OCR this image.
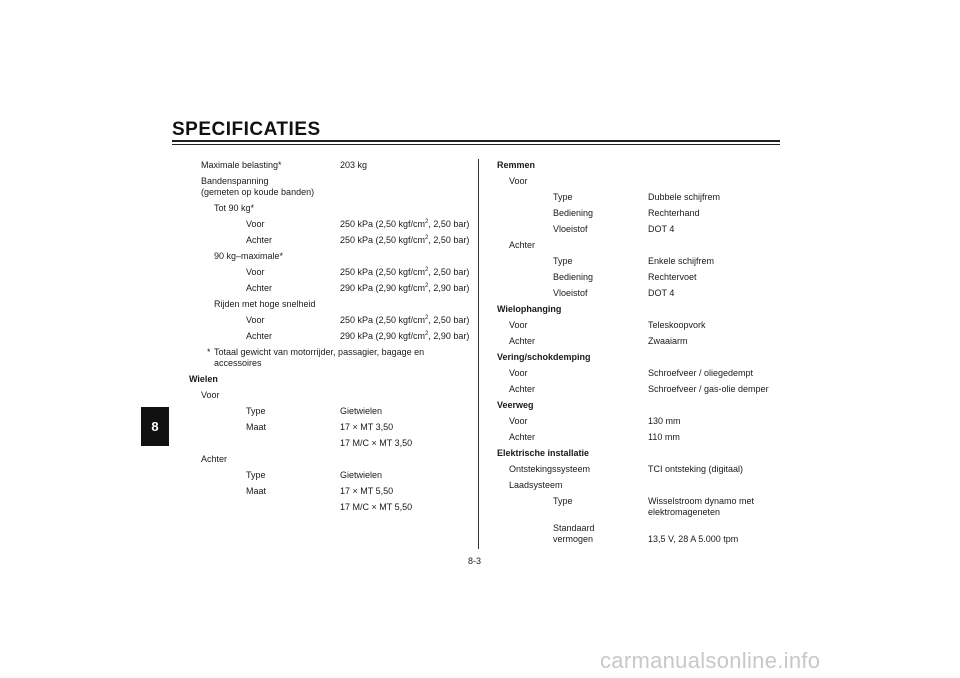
SPECIFICATIES
8
Maximale belasting*	203 kg
Bandenspanning
(gemeten op koude banden)
Tot 90 kg*
Voor	250 kPa (2,50 kgf/$cm^2$, 2,50 bar)
Achter	250 kPa (2,50 kgf/$cm^2$, 2,50 bar)
90 kg–maximale*
Voor	250 kPa (2,50 kgf/$cm^2$, 2,50 bar)
Achter	290 kPa (2,90 kgf/$cm^2$, 2,90 bar)
Rijden met hoge snelheid
Voor	250 kPa (2,50 kgf/$cm^2$, 2,50 bar)
Achter	290 kPa (2,90 kgf/$cm^2$, 2,90 bar)
* Totaal gewicht van motorrijder, passagier, bagage en
accessoires
Wielen
Voor
Type	Gietwielen
Maat	17 × MT 3,50
17 M/C × MT 3,50
Achter
Type	Gietwielen
Maat	17 × MT 5,50
17 M/C × MT 5,50
Remmen
Voor
Type	Dubbele schijfrem
Bediening	Rechterhand
Vloeistof	DOT 4
Achter
Type	Enkele schijfrem
Bediening	Rechtervoet
Vloeistof	DOT 4
Wielophanging
Voor	Teleskoopvork
Achter	Zwaaiarm
Vering/schokdemping
Voor	Schroefveer / oliegedempt
Achter	Schroefveer / gas-olie demper
Veerweg
Voor	130 mm
Achter	110 mm
Elektrische installatie
Ontstekingssysteem	TCI ontsteking (digitaal)
Laadsysteem
Type	Wisselstroom dynamo met
elektromageneten
Standaard
vermogen	13,5 V, 28 A 5.000 tpm
8-3
carmanualsonline.info
